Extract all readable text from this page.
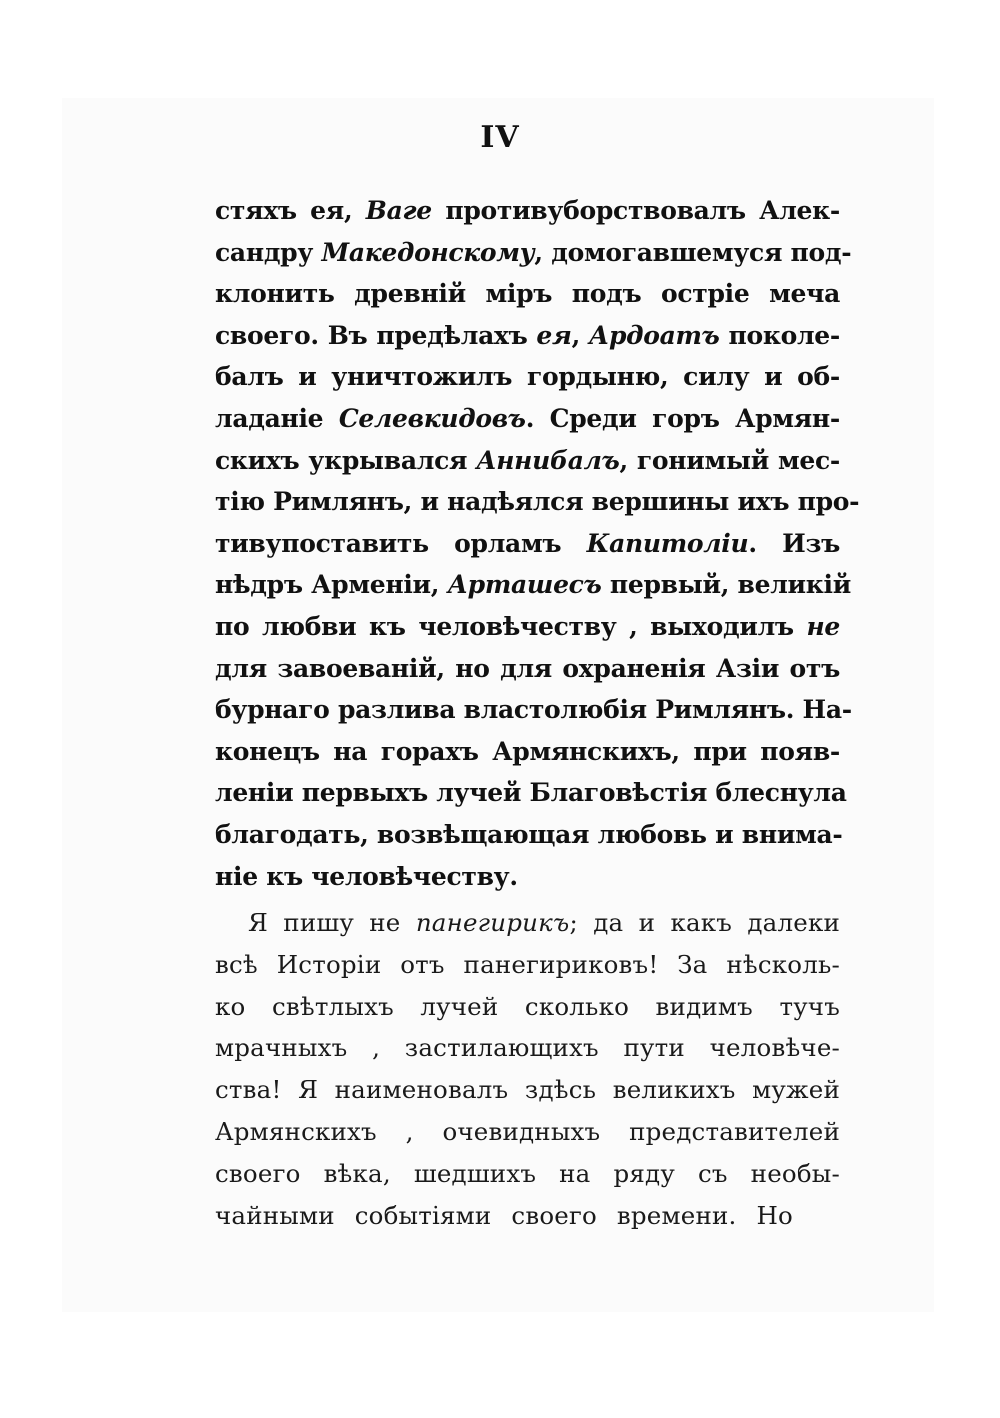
IV
стяхъ ея, Ваге противуборствовалъ Алек-
сандру Македонскому, домогавшемуся под-
клонить древній міръ подъ остріе меча
своего. Въ предѣлахъ ея, Ардоатъ поколе-
балъ и уничтожилъ гордыню, силу и об-
ладаніе Селевкидовъ. Среди горъ Армян-
скихъ укрывался Аннибалъ, гонимый мес-
тію Римлянъ, и надѣялся вершины ихъ про-
тивупоставить орламъ Капитоліи. Изъ
нѣдръ Арменіи, Арташесъ первый, великій
по любви къ человѣчеству , выходилъ не
для завоеваній, но для охраненія Азіи отъ
бурнаго разлива властолюбія Римлянъ. На-
конецъ на горахъ Армянскихъ, при появ-
леніи первыхъ лучей Благовѣстія блеснула
благодать, возвѣщающая любовь и внима-
ніе къ человѣчеству.
Я пишу не панегирикъ; да и какъ далеки
всѣ Исторіи отъ панегириковъ! За нѣсколь-
ко свѣтлыхъ лучей сколько видимъ тучъ
мрачныхъ , застилающихъ пути человѣче-
ства! Я наименовалъ здѣсь великихъ мужей
Армянскихъ , очевидныхъ представителей
своего вѣка, шедшихъ на ряду съ необы-
чайными событіями своего времени. Но
